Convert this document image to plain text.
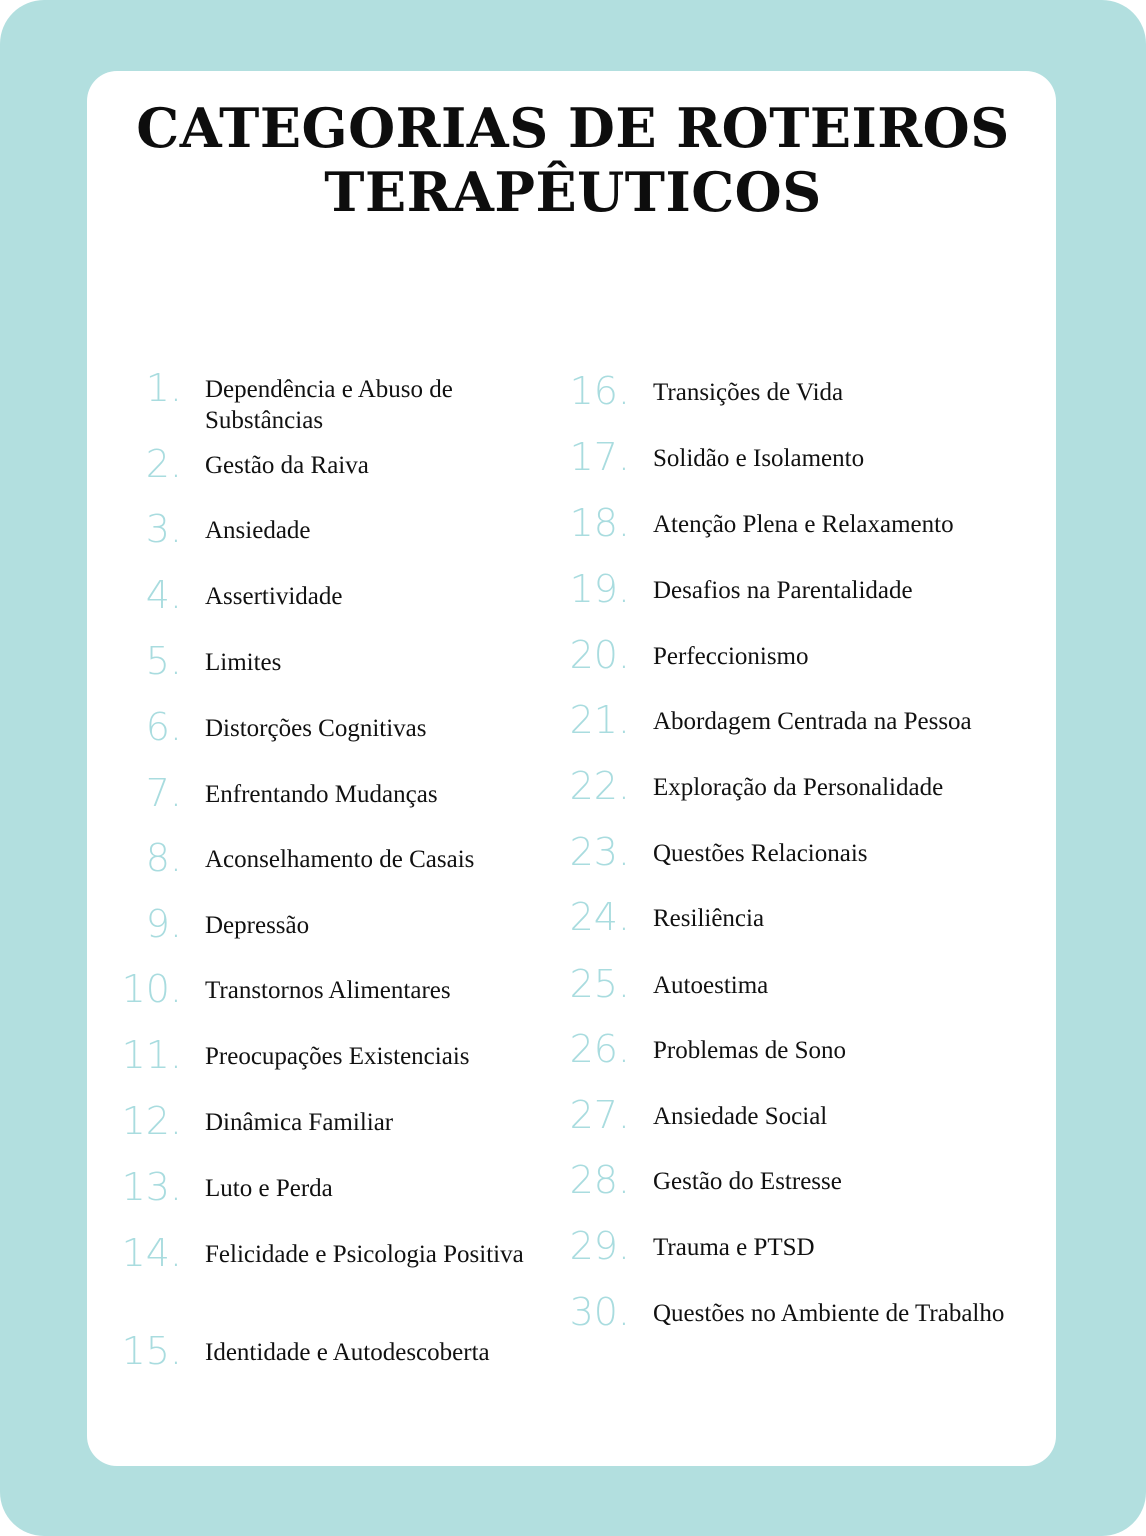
CATEGORIAS DE ROTEIROS
TERAPÊUTICOS
1. Dependência e Abuso de Substâncias
2. Gestão da Raiva
3. Ansiedade
4. Assertividade
5. Limites
6. Distorções Cognitivas
7. Enfrentando Mudanças
8. Aconselhamento de Casais
9. Depressão
10. Transtornos Alimentares
11. Preocupações Existenciais
12. Dinâmica Familiar
13. Luto e Perda
14. Felicidade e Psicologia Positiva
15. Identidade e Autodescoberta
16. Transições de Vida
17. Solidão e Isolamento
18. Atenção Plena e Relaxamento
19. Desafios na Parentalidade
20. Perfeccionismo
21. Abordagem Centrada na Pessoa
22. Exploração da Personalidade
23. Questões Relacionais
24. Resiliência
25. Autoestima
26. Problemas de Sono
27. Ansiedade Social
28. Gestão do Estresse
29. Trauma e PTSD
30. Questões no Ambiente de Trabalho
